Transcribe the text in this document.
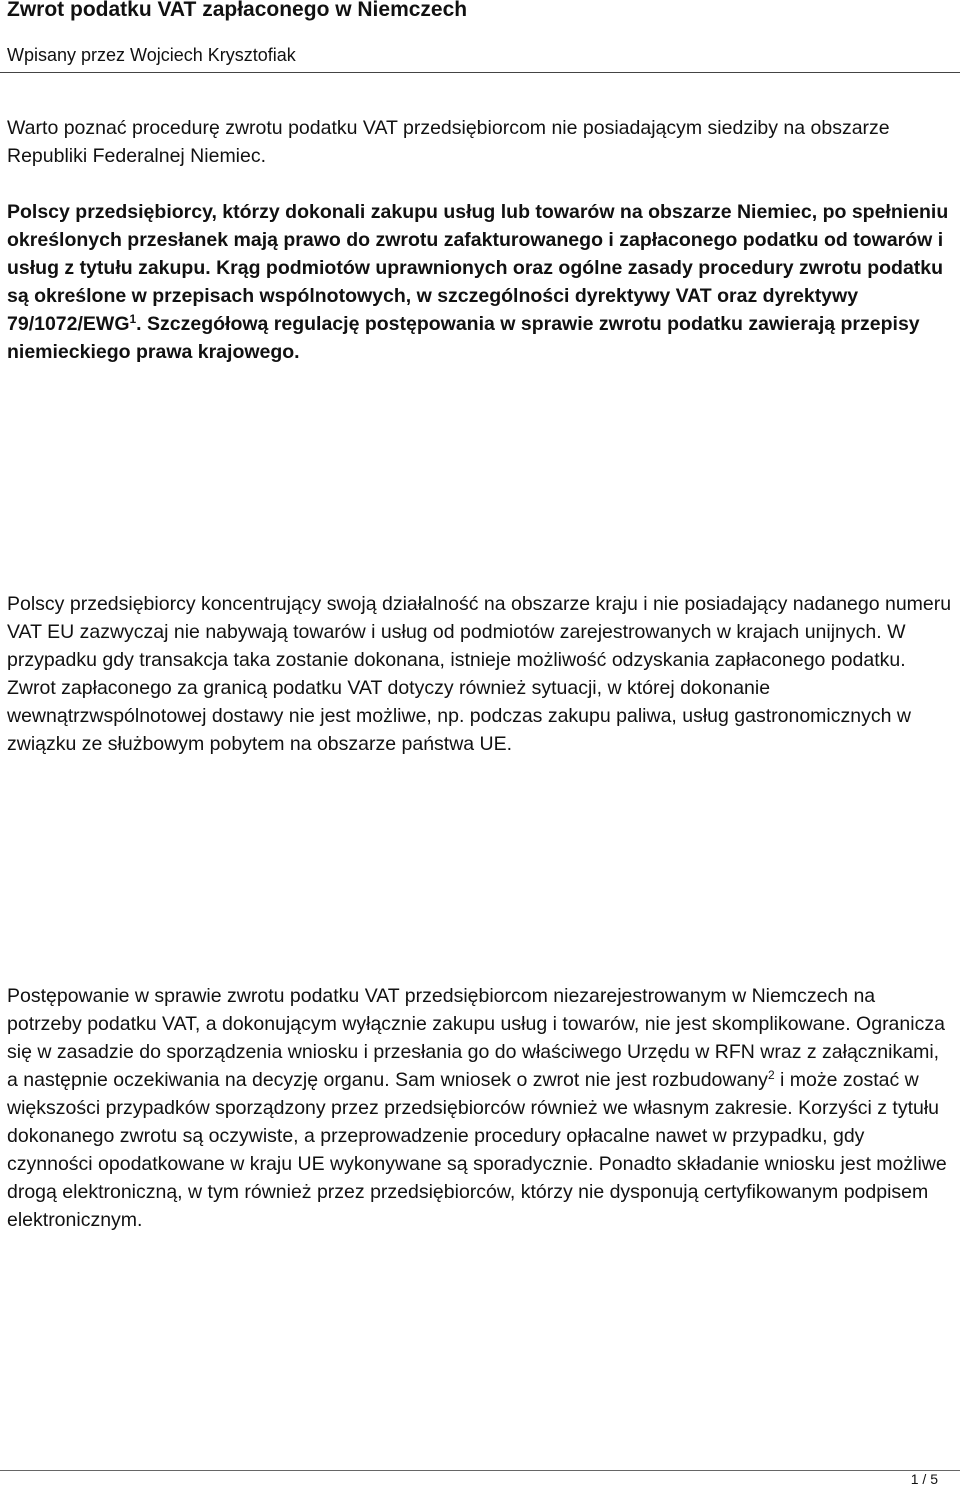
Zwrot podatku VAT zapłaconego w Niemczech
Wpisany przez Wojciech Krysztofiak

Warto poznać procedurę zwrotu podatku VAT przedsiębiorcom nie posiadającym siedziby na obszarze Republiki Federalnej Niemiec.

Polscy przedsiębiorcy, którzy dokonali zakupu usług lub towarów na obszarze Niemiec, po spełnieniu określonych przesłanek mają prawo do zwrotu zafakturowanego i zapłaconego podatku od towarów i usług z tytułu zakupu. Krąg podmiotów uprawnionych oraz ogólne zasady procedury zwrotu podatku są określone w przepisach wspólnotowych, w szczególności dyrektywy VAT oraz dyrektywy 79/1072/EWG$^1$. Szczegółową regulację postępowania w sprawie zwrotu podatku zawierają przepisy niemieckiego prawa krajowego.

Polscy przedsiębiorcy koncentrujący swoją działalność na obszarze kraju i nie posiadający nadanego numeru VAT EU zazwyczaj nie nabywają towarów i usług od podmiotów zarejestrowanych w krajach unijnych. W przypadku gdy transakcja taka zostanie dokonana, istnieje możliwość odzyskania zapłaconego podatku. Zwrot zapłaconego za granicą podatku VAT dotyczy również sytuacji, w której dokonanie wewnątrzwspólnotowej dostawy nie jest możliwe, np. podczas zakupu paliwa, usług gastronomicznych w związku ze służbowym pobytem na obszarze państwa UE.

Postępowanie w sprawie zwrotu podatku VAT przedsiębiorcom niezarejestrowanym w Niemczech na potrzeby podatku VAT, a dokonującym wyłącznie zakupu usług i towarów, nie jest skomplikowane. Ogranicza się w zasadzie do sporządzenia wniosku i przesłania go do właściwego Urzędu w RFN wraz z załącznikami, a następnie oczekiwania na decyzję organu. Sam wniosek o zwrot nie jest rozbudowany$^2$ i może zostać w większości przypadków sporządzony przez przedsiębiorców również we własnym zakresie. Korzyści z tytułu dokonanego zwrotu są oczywiste, a przeprowadzenie procedury opłacalne nawet w przypadku, gdy czynności opodatkowane w kraju UE wykonywane są sporadycznie. Ponadto składanie wniosku jest możliwe drogą elektroniczną, w tym również przez przedsiębiorców, którzy nie dysponują certyfikowanym podpisem elektronicznym.

1 / 5
